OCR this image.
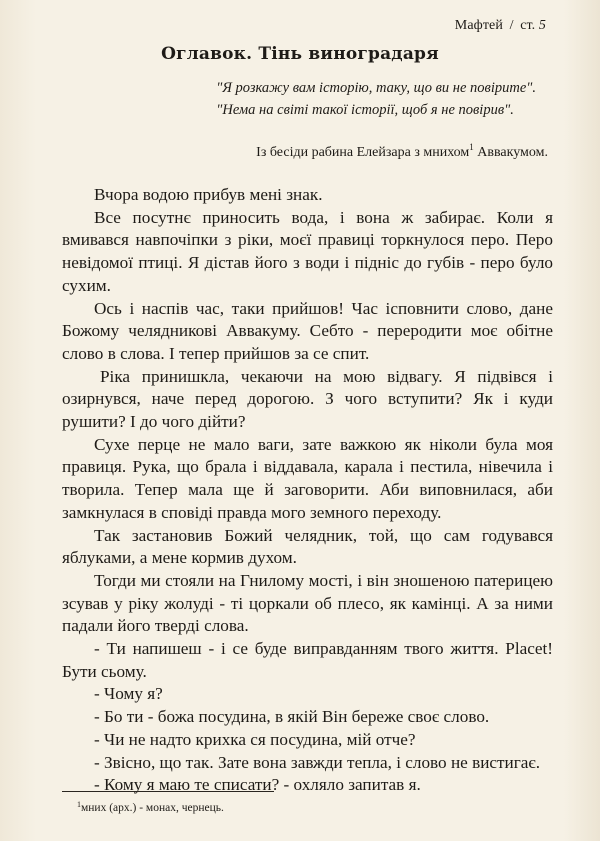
Мафтей / ст. 5
Оглавок. Тінь виноградаря
"Я розкажу вам історію, таку, що ви не повірите".
"Нема на світі такої історії, щоб я не повірив".
Із бесіди рабина Елейзара з мнихом$^1$ Аввакумом.

Вчора водою прибув мені знак.

Все посутнє приносить вода, і вона ж забирає. Коли я вмивався навпочіпки з ріки, моєї правиці торкнулося перо. Перо невідомої птиці. Я дістав його з води і підніс до губів - перо було сухим.

Ось і наспів час, таки прийшов! Час ісповнити слово, дане Божому челядникові Аввакуму. Себто - переродити моє обітне слово в слова. І тепер прийшов за се спит.

Ріка принишкла, чекаючи на мою відвагу. Я підвівся і озирнувся, наче перед дорогою. З чого вступити? Як і куди рушити? І до чого дійти?

Сухе перце не мало ваги, зате важкою як ніколи була моя правиця. Рука, що брала і віддавала, карала і пестила, нівечила і творила. Тепер мала ще й заговорити. Аби виповнилася, аби замкнулася в сповіді правда мого земного переходу.

Так застановив Божий челядник, той, що сам годувався яблуками, а мене кормив духом.

Тогди ми стояли на Гнилому мості, і він зношеною патерицею зсував у ріку жолуді - ті цоркали об плесо, як камінці. А за ними падали його тверді слова.

- Ти напишеш - і се буде виправданням твого життя. Placet! Бути сьому.

- Чому я?

- Бо ти - божа посудина, в якій Він береже своє слово.

- Чи не надто крихка ся посудина, мій отче?

- Звісно, що так. Зате вона завжди тепла, і слово не вистигає.

- Кому я маю те списати? - охляло запитав я.

$^1$мних (арх.) - монах, чернець.
